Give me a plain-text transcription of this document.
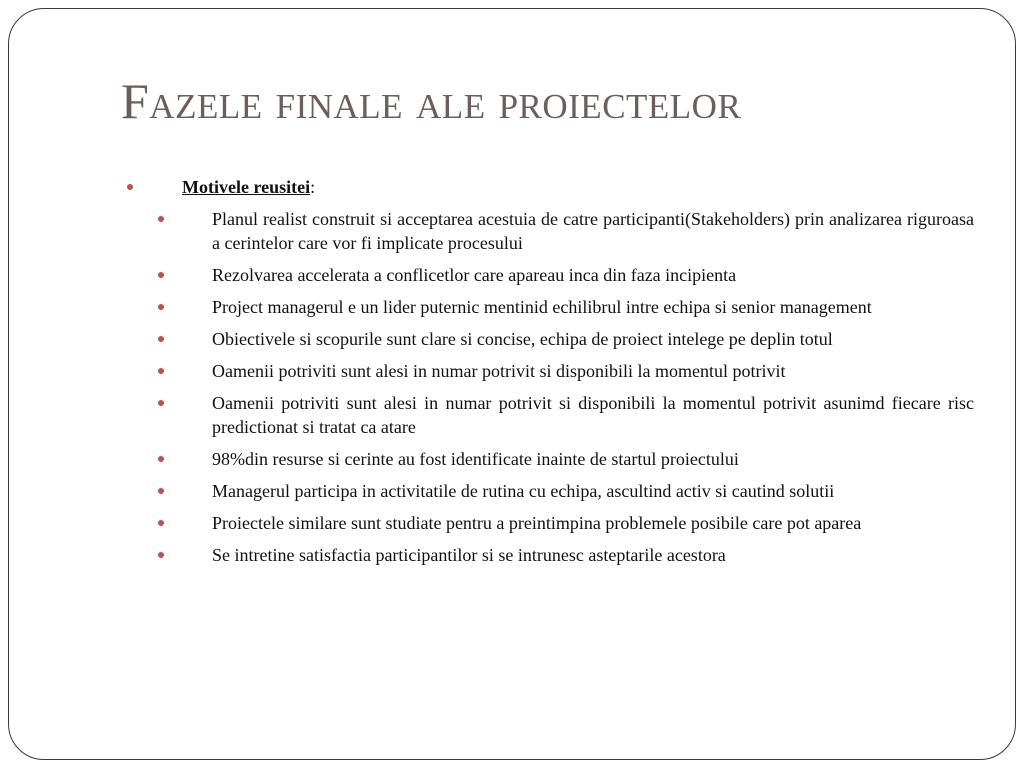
Fazele finale ale proiectelor
Motivele reusitei:
Planul realist construit si acceptarea acestuia de catre participanti(Stakeholders) prin analizarea riguroasa a cerintelor care vor fi implicate procesului
Rezolvarea accelerata a conflicetlor care apareau inca din faza incipienta
Project managerul e un lider puternic mentinid echilibrul intre echipa si senior management
Obiectivele si scopurile sunt clare si concise, echipa de proiect intelege pe deplin totul
Oamenii potriviti sunt alesi in numar potrivit si disponibili la momentul potrivit
Oamenii potriviti sunt alesi in numar potrivit si disponibili la momentul potrivit asunimd fiecare risc predictionat si tratat ca atare
98%din resurse si cerinte au fost identificate inainte de startul proiectului
Managerul participa in activitatile de rutina cu echipa, ascultind activ si cautind solutii
Proiectele similare sunt studiate pentru a preintimpina problemele posibile care pot aparea
Se intretine satisfactia participantilor si se intrunesc asteptarile acestora
